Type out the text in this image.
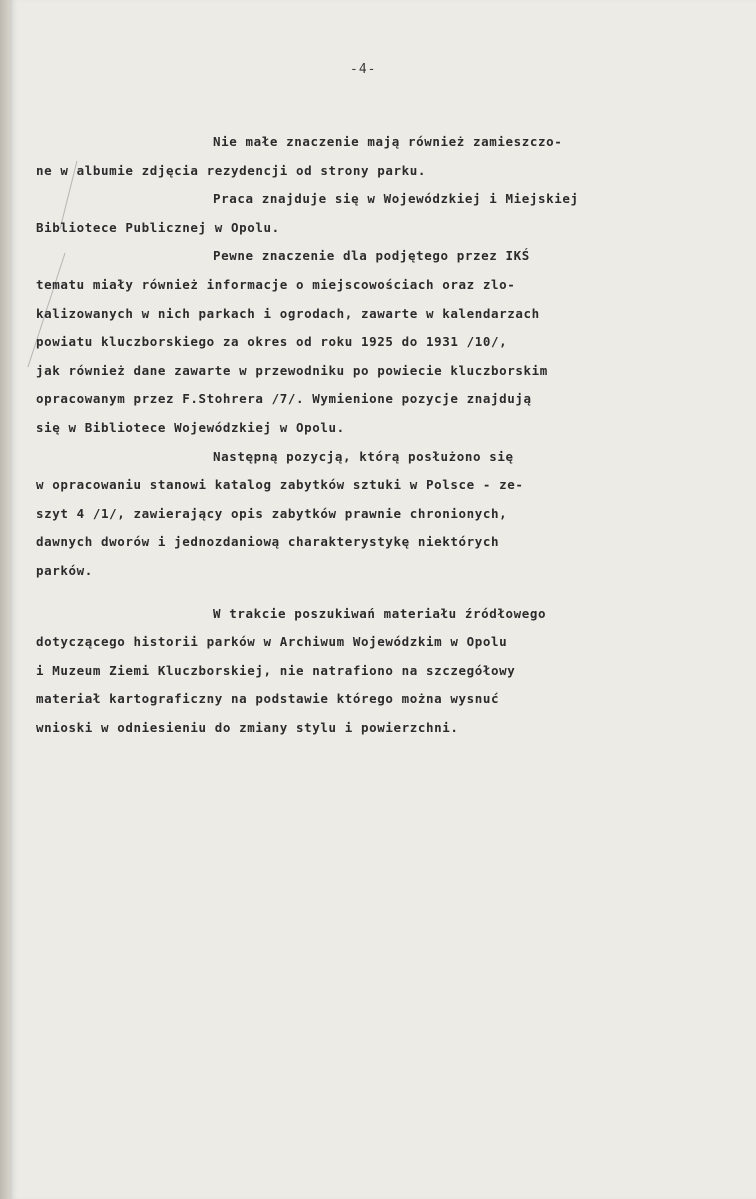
-4-
Nie małe znaczenie mają również zamieszczo-
ne w albumie zdjęcia rezydencji od strony parku.
Praca znajduje się w Wojewódzkiej i Miejskiej
Bibliotece Publicznej w Opolu.
Pewne znaczenie dla podjętego przez IKŚ
tematu miały również informacje o miejscowościach oraz zlo-
kalizowanych w nich parkach i ogrodach, zawarte w kalendarzach
powiatu kluczborskiego za okres od roku 1925 do 1931 /10/,
jak również dane zawarte w przewodniku po powiecie kluczborskim
opracowanym przez F.Stohrera /7/. Wymienione pozycje znajdują
się w Bibliotece Wojewódzkiej w Opolu.
Następną pozycją, którą posłużono się
w opracowaniu stanowi katalog zabytków sztuki w Polsce - ze-
szyt 4 /1/, zawierający opis zabytków prawnie chronionych,
dawnych dworów i jednozdaniową charakterystykę niektórych
parków.
W trakcie poszukiwań materiału źródłowego
dotyczącego historii parków w Archiwum Wojewódzkim w Opolu
i Muzeum Ziemi Kluczborskiej, nie natrafiono na szczegółowy
materiał kartograficzny na podstawie którego można wysnuć
wnioski w odniesieniu do zmiany stylu i powierzchni.
